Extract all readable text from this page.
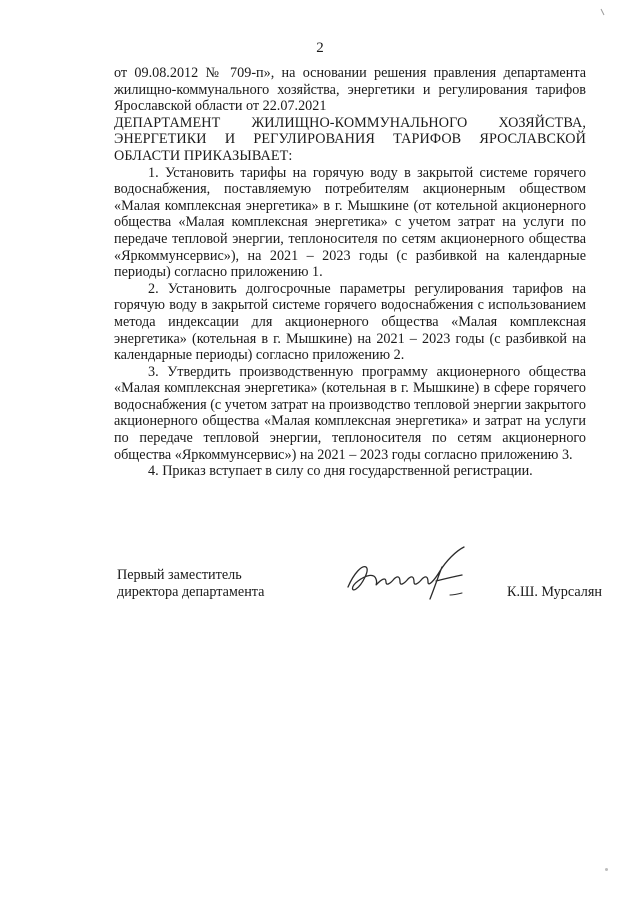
2

от 09.08.2012 № 709-п», на основании решения правления департамента жилищно-коммунального хозяйства, энергетики и регулирования тарифов Ярославской области от 22.07.2021

ДЕПАРТАМЕНТ ЖИЛИЩНО-КОММУНАЛЬНОГО ХОЗЯЙСТВА, ЭНЕРГЕТИКИ И РЕГУЛИРОВАНИЯ ТАРИФОВ ЯРОСЛАВСКОЙ ОБЛАСТИ ПРИКАЗЫВАЕТ:

1. Установить тарифы на горячую воду в закрытой системе горячего водоснабжения, поставляемую потребителям акционерным обществом «Малая комплексная энергетика» в г. Мышкине (от котельной акционерного общества «Малая комплексная энергетика» с учетом затрат на услуги по передаче тепловой энергии, теплоносителя по сетям акционерного общества «Яркоммунсервис»), на 2021 – 2023 годы (с разбивкой на календарные периоды) согласно приложению 1.

2. Установить долгосрочные параметры регулирования тарифов на горячую воду в закрытой системе горячего водоснабжения с использованием метода индексации для акционерного общества «Малая комплексная энергетика» (котельная в г. Мышкине) на 2021 – 2023 годы (с разбивкой на календарные периоды) согласно приложению 2.

3. Утвердить производственную программу акционерного общества «Малая комплексная энергетика» (котельная в г. Мышкине) в сфере горячего водоснабжения (с учетом затрат на производство тепловой энергии закрытого акционерного общества «Малая комплексная энергетика» и затрат на услуги по передаче тепловой энергии, теплоносителя по сетям акционерного общества «Яркоммунсервис») на 2021 – 2023 годы согласно приложению 3.

4. Приказ вступает в силу со дня государственной регистрации.

Первый заместитель
директора департамента	К.Ш. Мурсалян
